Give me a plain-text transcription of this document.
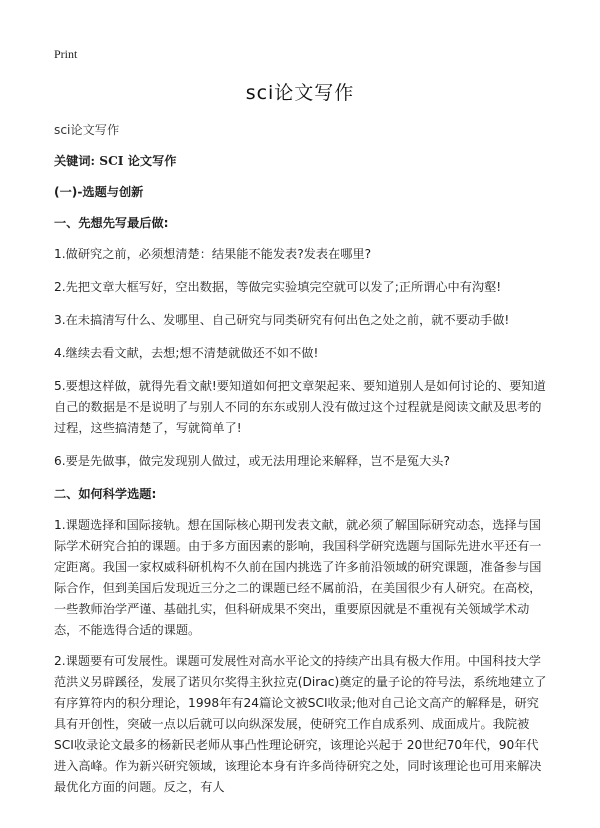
Print
sci论文写作

sci论文写作

关键词: SCI 论文写作

(一)-选题与创新

一、先想先写最后做:

1.做研究之前，必须想清楚：结果能不能发表?发表在哪里?

2.先把文章大框写好，空出数据，等做完实验填完空就可以发了;正所谓心中有沟壑!

3.在未搞清写什么、发哪里、自己研究与同类研究有何出色之处之前，就不要动手做!

4.继续去看文献，去想;想不清楚就做还不如不做!

5.要想这样做，就得先看文献!要知道如何把文章架起来、要知道别人是如何讨论的、要知道自己的数据是不是说明了与别人不同的东东或别人没有做过这个过程就是阅读文献及思考的过程，这些搞清楚了，写就简单了!

6.要是先做事，做完发现别人做过，或无法用理论来解释，岂不是冤大头?

二、如何科学选题:

1.课题选择和国际接轨。想在国际核心期刊发表文献，就必须了解国际研究动态，选择与国际学术研究合拍的课题。由于多方面因素的影响，我国科学研究选题与国际先进水平还有一定距离。我国一家权威科研机构不久前在国内挑选了许多前沿领域的研究课题，准备参与国际合作，但到美国后发现近三分之二的课题已经不属前沿，在美国很少有人研究。在高校，一些教师治学严谨、基础扎实，但科研成果不突出，重要原因就是不重视有关领域学术动态，不能选得合适的课题。

2.课题要有可发展性。课题可发展性对高水平论文的持续产出具有极大作用。中国科技大学范洪义另辟蹊径，发展了诺贝尔奖得主狄拉克(Dirac)奠定的量子论的符号法，系统地建立了有序算符内的积分理论，1998年有24篇论文被SCI收录;他对自己论文高产的解释是，研究具有开创性，突破一点以后就可以向纵深发展，使研究工作自成系列、成面成片。我院被SCI收录论文最多的杨新民老师从事凸性理论研究，该理论兴起于 20世纪70年代，90年代进入高峰。作为新兴研究领域，该理论本身有许多尚待研究之处，同时该理论也可用来解决最优化方面的问题。反之，有人
